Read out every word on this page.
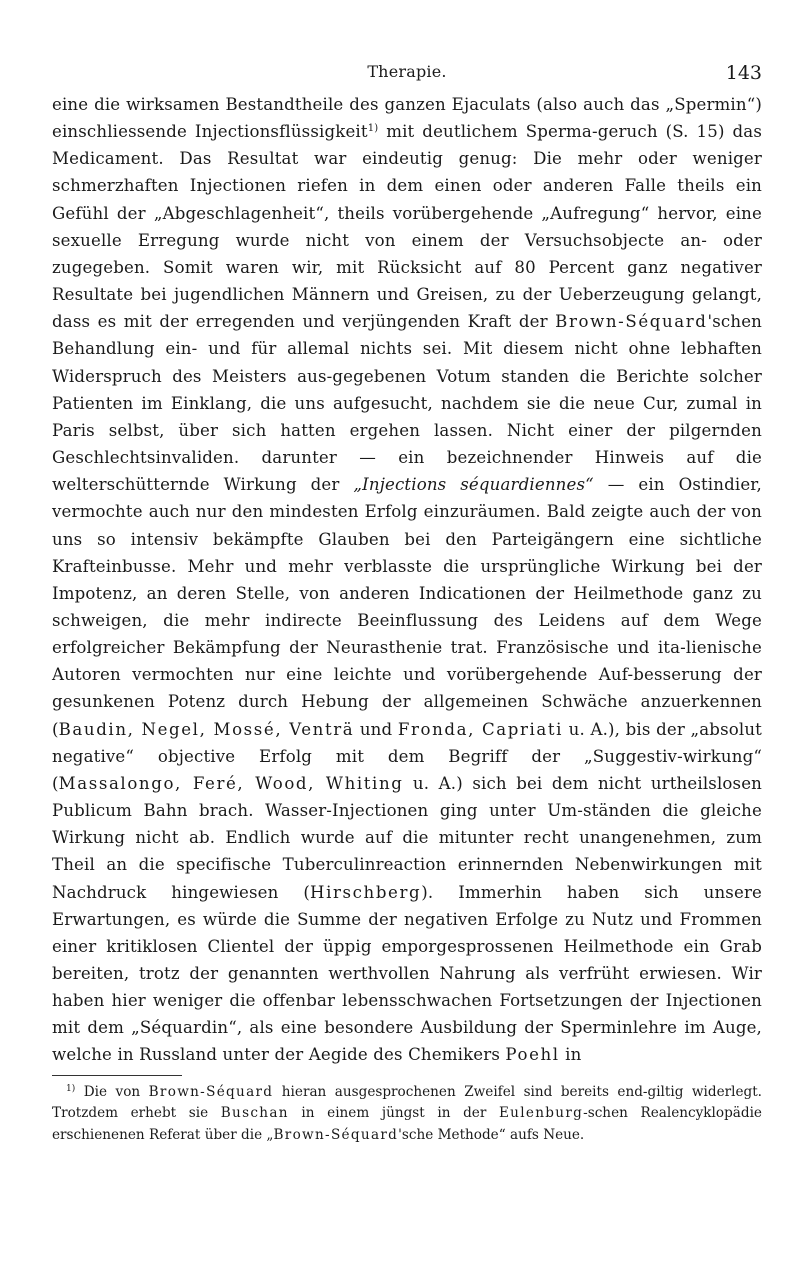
Therapie.	143
eine die wirksamen Bestandtheile des ganzen Ejaculats (also auch das „Spermin“) einschliessende Injectionsflüssigkeit$^{1)}$ mit deutlichem Sperma-geruch (S. 15) das Medicament. Das Resultat war eindeutig genug: Die mehr oder weniger schmerzhaften Injectionen riefen in dem einen oder anderen Falle theils ein Gefühl der „Abgeschlagenheit“, theils vorübergehende „Aufregung“ hervor, eine sexuelle Erregung wurde nicht von einem der Versuchsobjecte an- oder zugegeben. Somit waren wir, mit Rücksicht auf 80 Percent ganz negativer Resultate bei jugendlichen Männern und Greisen, zu der Ueberzeugung gelangt, dass es mit der erregenden und verjüngenden Kraft der Brown-Séquard'schen Behandlung ein- und für allemal nichts sei. Mit diesem nicht ohne lebhaften Widerspruch des Meisters aus-gegebenen Votum standen die Berichte solcher Patienten im Einklang, die uns aufgesucht, nachdem sie die neue Cur, zumal in Paris selbst, über sich hatten ergehen lassen. Nicht einer der pilgernden Geschlechtsinvaliden. darunter — ein bezeichnender Hinweis auf die welterschütternde Wirkung der „Injections séquardiennes“ — ein Ostindier, vermochte auch nur den mindesten Erfolg einzuräumen. Bald zeigte auch der von uns so intensiv bekämpfte Glauben bei den Parteigängern eine sichtliche Krafteinbusse. Mehr und mehr verblasste die ursprüngliche Wirkung bei der Impotenz, an deren Stelle, von anderen Indicationen der Heilmethode ganz zu schweigen, die mehr indirecte Beeinflussung des Leidens auf dem Wege erfolgreicher Bekämpfung der Neurasthenie trat. Französische und ita-lienische Autoren vermochten nur eine leichte und vorübergehende Auf-besserung der gesunkenen Potenz durch Hebung der allgemeinen Schwäche anzuerkennen (Baudin, Negel, Mossé, Venträ und Fronda, Capriati u. A.), bis der „absolut negative“ objective Erfolg mit dem Begriff der „Suggestiv-wirkung“ (Massalongo, Feré, Wood, Whiting u. A.) sich bei dem nicht urtheilslosen Publicum Bahn brach. Wasser-Injectionen ging unter Um-ständen die gleiche Wirkung nicht ab. Endlich wurde auf die mitunter recht unangenehmen, zum Theil an die specifische Tuberculinreaction erinnernden Nebenwirkungen mit Nachdruck hingewiesen (Hirschberg). Immerhin haben sich unsere Erwartungen, es würde die Summe der negativen Erfolge zu Nutz und Frommen einer kritiklosen Clientel der üppig emporgesprossenen Heilmethode ein Grab bereiten, trotz der genannten werthvollen Nahrung als verfrüht erwiesen. Wir haben hier weniger die offenbar lebensschwachen Fortsetzungen der Injectionen mit dem „Séquardin“, als eine besondere Ausbildung der Sperminlehre im Auge, welche in Russland unter der Aegide des Chemikers Poehl in
$^{1)}$ Die von Brown-Séquard hieran ausgesprochenen Zweifel sind bereits end-giltig widerlegt. Trotzdem erhebt sie Buschan in einem jüngst in der Eulenburg-schen Realencyklopädie erschienenen Referat über die „Brown-Séquard'sche Methode“ aufs Neue.
